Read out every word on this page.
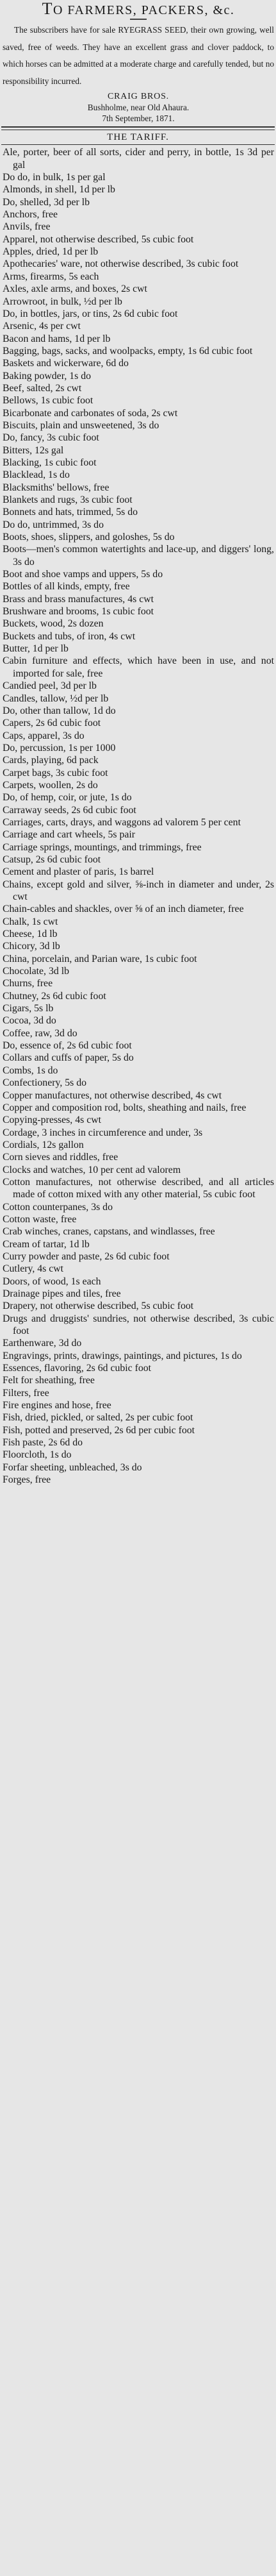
TO FARMERS, PACKERS, &c.

The subscribers have for sale RYEGRASS SEED, their own growing, well saved, free of weeds. They have an excellent grass and clover paddock, to which horses can be admitted at a moderate charge and carefully tended, but no responsibility incurred.

CRAIG BROS.
Bushholme, near Old Ahaura.
7th September, 1871.
THE TARIFF.

Ale, porter, beer of all sorts, cider and perry, in bottle, 1s 3d per gal

Do do, in bulk, 1s per gal

Almonds, in shell, 1d per lb

Do, shelled, 3d per lb

Anchors, free

Anvils, free

Apparel, not otherwise described, 5s cubic foot

Apples, dried, 1d per lb

Apothecaries' ware, not otherwise described, 3s cubic foot

Arms, firearms, 5s each

Axles, axle arms, and boxes, 2s cwt

Arrowroot, in bulk, ½d per lb

Do, in bottles, jars, or tins, 2s 6d cubic foot

Arsenic, 4s per cwt

Bacon and hams, 1d per lb

Bagging, bags, sacks, and woolpacks, empty, 1s 6d cubic foot

Baskets and wickerware, 6d do

Baking powder, 1s do

Beef, salted, 2s cwt

Bellows, 1s cubic foot

Bicarbonate and carbonates of soda, 2s cwt

Biscuits, plain and unsweetened, 3s do

Do, fancy, 3s cubic foot

Bitters, 12s gal

Blacking, 1s cubic foot

Blacklead, 1s do

Blacksmiths' bellows, free

Blankets and rugs, 3s cubic foot

Bonnets and hats, trimmed, 5s do

Do do, untrimmed, 3s do

Boots, shoes, slippers, and goloshes, 5s do

Boots—men's common watertights and lace-up, and diggers' long, 3s do

Boot and shoe vamps and uppers, 5s do

Bottles of all kinds, empty, free

Brass and brass manufactures, 4s cwt

Brushware and brooms, 1s cubic foot

Buckets, wood, 2s dozen

Buckets and tubs, of iron, 4s cwt

Butter, 1d per lb

Cabin furniture and effects, which have been in use, and not imported for sale, free

Candied peel, 3d per lb

Candles, tallow, ½d per lb

Do, other than tallow, 1d do

Capers, 2s 6d cubic foot

Caps, apparel, 3s do

Do, percussion, 1s per 1000

Cards, playing, 6d pack

Carpet bags, 3s cubic foot

Carpets, woollen, 2s do

Do, of hemp, coir, or jute, 1s do

Carraway seeds, 2s 6d cubic foot

Carriages, carts, drays, and waggons ad valorem 5 per cent

Carriage and cart wheels, 5s pair

Carriage springs, mountings, and trimmings, free

Catsup, 2s 6d cubic foot

Cement and plaster of paris, 1s barrel

Chains, except gold and silver, ⅝-inch in diameter and under, 2s cwt

Chain-cables and shackles, over ⅝ of an inch diameter, free

Chalk, 1s cwt

Cheese, 1d lb

Chicory, 3d lb

China, porcelain, and Parian ware, 1s cubic foot

Chocolate, 3d lb

Churns, free

Chutney, 2s 6d cubic foot

Cigars, 5s lb

Cocoa, 3d do

Coffee, raw, 3d do

Do, essence of, 2s 6d cubic foot

Collars and cuffs of paper, 5s do

Combs, 1s do

Confectionery, 5s do

Copper manufactures, not otherwise described, 4s cwt

Copper and composition rod, bolts, sheathing and nails, free

Copying-presses, 4s cwt

Cordage, 3 inches in circumference and under, 3s

Cordials, 12s gallon

Corn sieves and riddles, free

Clocks and watches, 10 per cent ad valorem

Cotton manufactures, not otherwise described, and all articles made of cotton mixed with any other material, 5s cubic foot

Cotton counterpanes, 3s do

Cotton waste, free

Crab winches, cranes, capstans, and windlasses, free

Cream of tartar, 1d lb

Curry powder and paste, 2s 6d cubic foot

Cutlery, 4s cwt

Doors, of wood, 1s each

Drainage pipes and tiles, free

Drapery, not otherwise described, 5s cubic foot

Drugs and druggists' sundries, not otherwise described, 3s cubic foot

Earthenware, 3d do

Engravings, prints, drawings, paintings, and pictures, 1s do

Essences, flavoring, 2s 6d cubic foot

Felt for sheathing, free

Filters, free

Fire engines and hose, free

Fish, dried, pickled, or salted, 2s per cubic foot

Fish, potted and preserved, 2s 6d per cubic foot

Fish paste, 2s 6d do

Floorcloth, 1s do

Forfar sheeting, unbleached, 3s do

Forges, free
